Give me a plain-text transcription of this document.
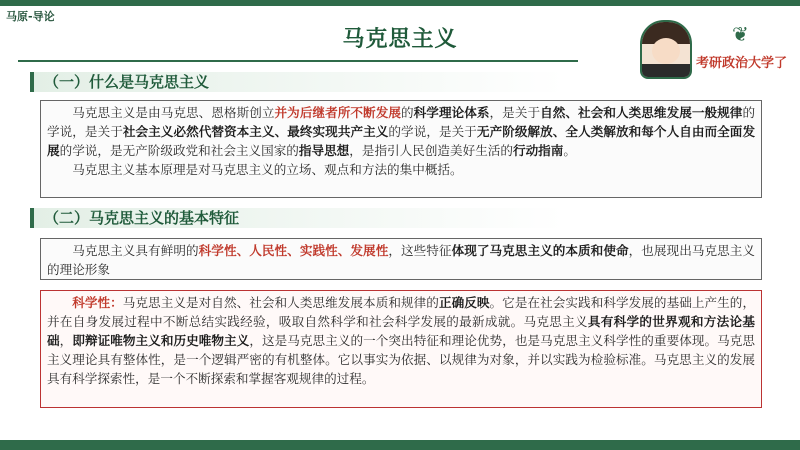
马原-导论
马克思主义	❦
考研政治大学了
（一）什么是马克思主义

马克思主义是由马克思、恩格斯创立并为后继者所不断发展的科学理论体系，是关于自然、社会和人类思维发展一般规律的学说，是关于社会主义必然代替资本主义、最终实现共产主义的学说，是关于无产阶级解放、全人类解放和每个人自由而全面发展的学说，是无产阶级政党和社会主义国家的指导思想，是指引人民创造美好生活的行动指南。

马克思主义基本原理是对马克思主义的立场、观点和方法的集中概括。

（二）马克思主义的基本特征

马克思主义具有鲜明的科学性、人民性、实践性、发展性，这些特征体现了马克思主义的本质和使命，也展现出马克思主义的理论形象

科学性：马克思主义是对自然、社会和人类思维发展本质和规律的正确反映。它是在社会实践和科学发展的基础上产生的，并在自身发展过程中不断总结实践经验，吸取自然科学和社会科学发展的最新成就。马克思主义具有科学的世界观和方法论基础，即辩证唯物主义和历史唯物主义，这是马克思主义的一个突出特征和理论优势，也是马克思主义科学性的重要体现。马克思主义理论具有整体性，是一个逻辑严密的有机整体。它以事实为依据、以规律为对象，并以实践为检验标准。马克思主义的发展具有科学探索性，是一个不断探索和掌握客观规律的过程。
